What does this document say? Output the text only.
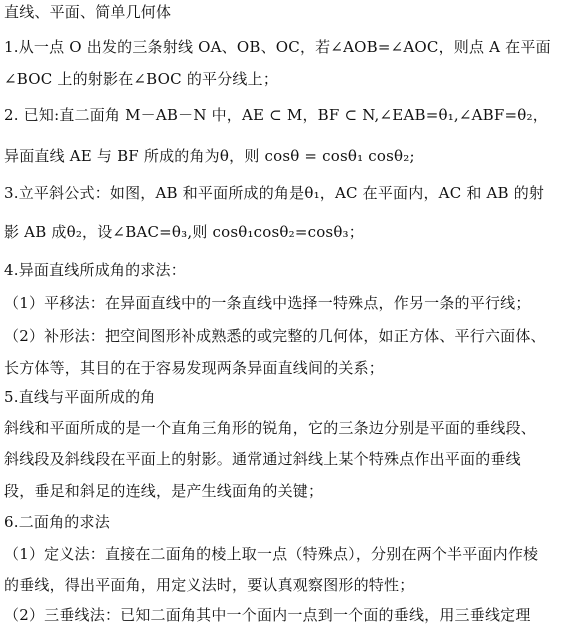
直线、平面、简单几何体
1.从一点 O 出发的三条射线 OA、OB、OC，若∠AOB=∠AOC，则点 A 在平面
∠BOC 上的射影在∠BOC 的平分线上；
2. 已知:直二面角 M－AB－N 中，AE ⊂ M，BF ⊂ N,∠EAB=θ₁,∠ABF=θ₂，
异面直线 AE 与 BF 所成的角为θ，则 cosθ = cosθ₁ cosθ₂;
3.立平斜公式：如图，AB 和平面所成的角是θ₁，AC 在平面内，AC 和 AB 的射
影 AB 成θ₂，设∠BAC=θ₃,则 cosθ₁cosθ₂=cosθ₃；
4.异面直线所成角的求法：
（1）平移法：在异面直线中的一条直线中选择一特殊点，作另一条的平行线；
（2）补形法：把空间图形补成熟悉的或完整的几何体，如正方体、平行六面体、
长方体等，其目的在于容易发现两条异面直线间的关系；
5.直线与平面所成的角
斜线和平面所成的是一个直角三角形的锐角，它的三条边分别是平面的垂线段、
斜线段及斜线段在平面上的射影。通常通过斜线上某个特殊点作出平面的垂线
段，垂足和斜足的连线，是产生线面角的关键；
6.二面角的求法
（1）定义法：直接在二面角的棱上取一点（特殊点），分别在两个半平面内作棱
的垂线，得出平面角，用定义法时，要认真观察图形的特性；
（2）三垂线法：已知二面角其中一个面内一点到一个面的垂线，用三垂线定理
